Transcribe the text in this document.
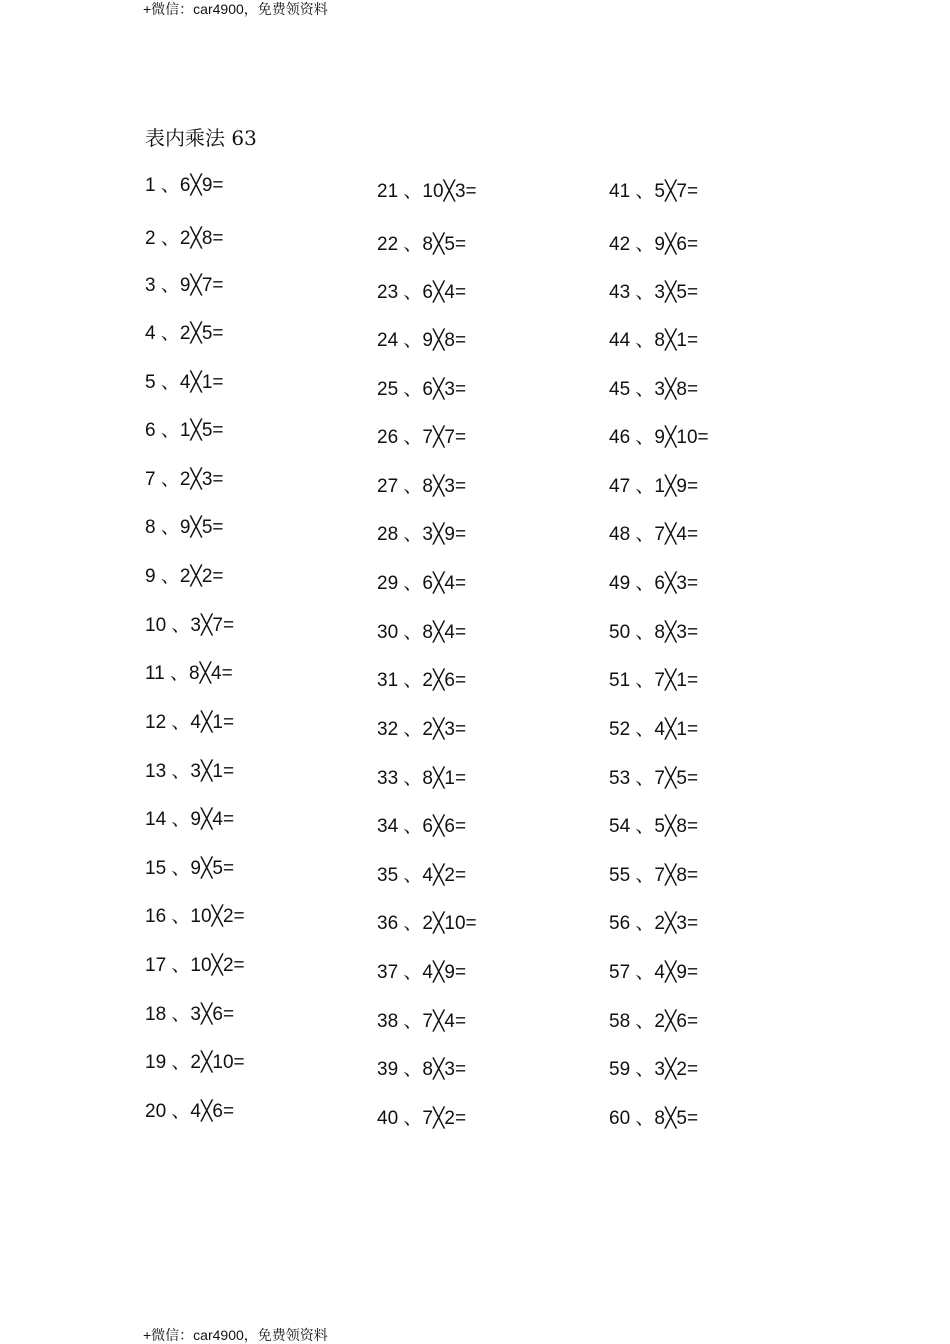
+微信：car4900，免费领资料
表内乘法 63
1 、6╳9=
2 、2╳8=
3 、9╳7=
4 、2╳5=
5 、4╳1=
6 、1╳5=
7 、2╳3=
8 、9╳5=
9 、2╳2=
10 、3╳7=
11 、8╳4=
12 、4╳1=
13 、3╳1=
14 、9╳4=
15 、9╳5=
16 、10╳2=
17 、10╳2=
18 、3╳6=
19 、2╳10=
20 、4╳6=
21 、10╳3=
22 、8╳5=
23 、6╳4=
24 、9╳8=
25 、6╳3=
26 、7╳7=
27 、8╳3=
28 、3╳9=
29 、6╳4=
30 、8╳4=
31 、2╳6=
32 、2╳3=
33 、8╳1=
34 、6╳6=
35 、4╳2=
36 、2╳10=
37 、4╳9=
38 、7╳4=
39 、8╳3=
40 、7╳2=
41 、5╳7=
42 、9╳6=
43 、3╳5=
44 、8╳1=
45 、3╳8=
46 、9╳10=
47 、1╳9=
48 、7╳4=
49 、6╳3=
50 、8╳3=
51 、7╳1=
52 、4╳1=
53 、7╳5=
54 、5╳8=
55 、7╳8=
56 、2╳3=
57 、4╳9=
58 、2╳6=
59 、3╳2=
60 、8╳5=
+微信：car4900，免费领资料
